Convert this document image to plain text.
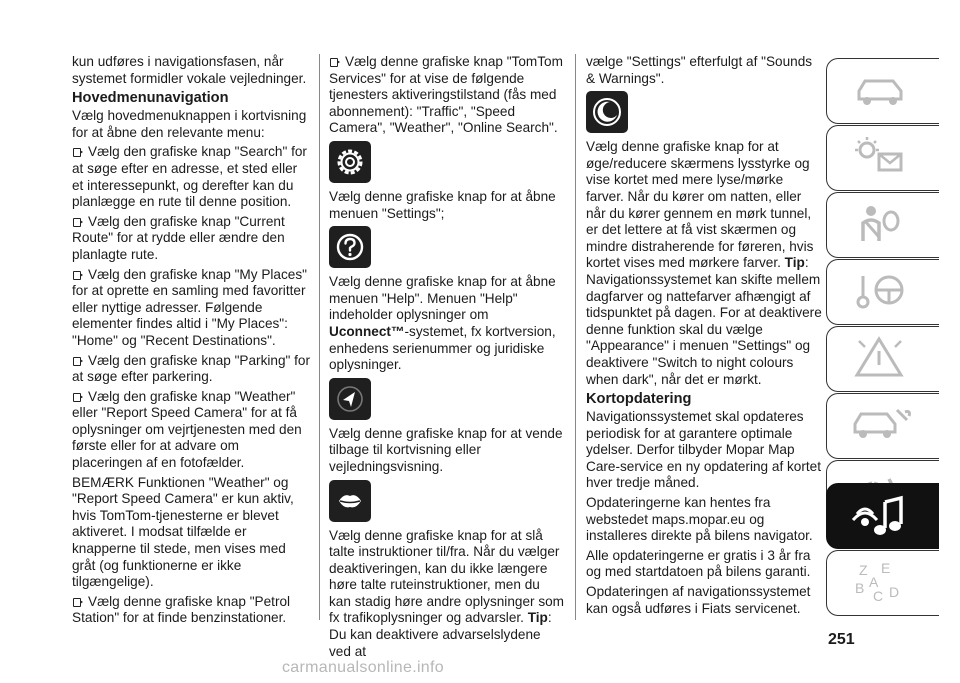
kun udføres i navigationsfasen, når systemet formidler vokale vejledninger.

Hovedmenunavigation

Vælg hovedmenuknappen i kortvisning for at åbne den relevante menu:

Vælg den grafiske knap "Search" for at søge efter en adresse, et sted eller et interessepunkt, og derefter kan du planlægge en rute til denne position.

Vælg den grafiske knap "Current Route" for at rydde eller ændre den planlagte rute.

Vælg den grafiske knap "My Places" for at oprette en samling med favoritter eller nyttige adresser. Følgende elementer findes altid i "My Places": "Home" og "Recent Destinations".

Vælg den grafiske knap "Parking" for at søge efter parkering.

Vælg den grafiske knap "Weather" eller "Report Speed Camera" for at få oplysninger om vejrtjenesten med den første eller for at advare om placeringen af en fotofælder.

BEMÆRK Funktionen "Weather" og "Report Speed Camera" er kun aktiv, hvis TomTom-tjenesterne er blevet aktiveret. I modsat tilfælde er knapperne til stede, men vises med gråt (og funktionerne er ikke tilgængelige).

Vælg denne grafiske knap "Petrol Station" for at finde benzinstationer.

Vælg denne grafiske knap "TomTom Services" for at vise de følgende tjenesters aktiveringstilstand (fås med abonnement): "Traffic", "Speed Camera", "Weather", "Online Search".

Vælg denne grafiske knap for at åbne menuen "Settings";

Vælg denne grafiske knap for at åbne menuen "Help". Menuen "Help" indeholder oplysninger om Uconnect™-systemet, fx kortversion, enhedens serienummer og juridiske oplysninger.

Vælg denne grafiske knap for at vende tilbage til kortvisning eller vejledningsvisning.

Vælg denne grafiske knap for at slå talte instruktioner til/fra. Når du vælger deaktiveringen, kan du ikke længere høre talte ruteinstruktioner, men du kan stadig høre andre oplysninger som fx trafikoplysninger og advarsler. Tip: Du kan deaktivere advarselslydene ved at

vælge "Settings" efterfulgt af "Sounds & Warnings".

Vælg denne grafiske knap for at øge/reducere skærmens lysstyrke og vise kortet med mere lyse/mørke farver. Når du kører om natten, eller når du kører gennem en mørk tunnel, er det lettere at få vist skærmen og mindre distraherende for føreren, hvis kortet vises med mørkere farver. Tip: Navigationssystemet kan skifte mellem dagfarver og nattefarver afhængigt af tidspunktet på dagen. For at deaktivere denne funktion skal du vælge "Appearance" i menuen "Settings" og deaktivere "Switch to night colours when dark", når det er mørkt.

Kortopdatering

Navigationssystemet skal opdateres periodisk for at garantere optimale ydelser. Derfor tilbyder Mopar Map Care-service en ny opdatering af kortet hver tredje måned.

Opdateringerne kan hentes fra webstedet maps.mopar.eu og installeres direkte på bilens navigator.

Alle opdateringerne er gratis i 3 år fra og med startdatoen på bilens garanti.

Opdateringen af navigationssystemet kan også udføres i Fiats servicenet.

Z E
B C D
A
251
carmanualsonline.info
